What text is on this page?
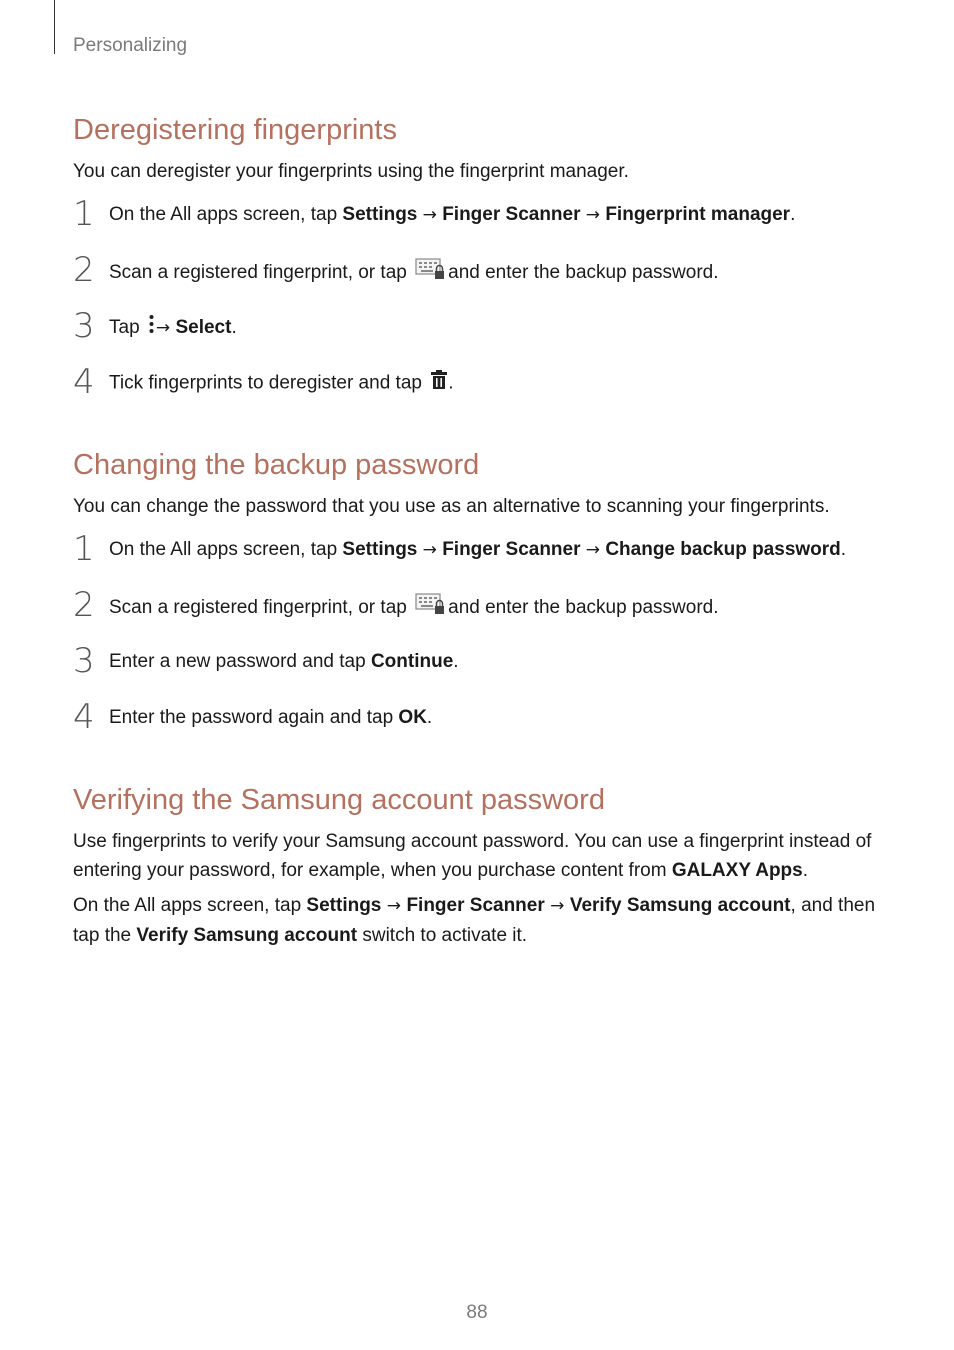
Personalizing
Deregistering fingerprints

You can deregister your fingerprints using the fingerprint manager.

1 On the All apps screen, tap Settings → Finger Scanner → Fingerprint manager.
2 Scan a registered fingerprint, or tap and enter the backup password.
3 Tap → Select.
4 Tick fingerprints to deregister and tap .
Changing the backup password

You can change the password that you use as an alternative to scanning your fingerprints.

1 On the All apps screen, tap Settings → Finger Scanner → Change backup password.
2 Scan a registered fingerprint, or tap and enter the backup password.
3 Enter a new password and tap Continue.
4 Enter the password again and tap OK.
Verifying the Samsung account password

Use fingerprints to verify your Samsung account password. You can use a fingerprint instead of entering your password, for example, when you purchase content from GALAXY Apps.

On the All apps screen, tap Settings → Finger Scanner → Verify Samsung account, and then tap the Verify Samsung account switch to activate it.

88
